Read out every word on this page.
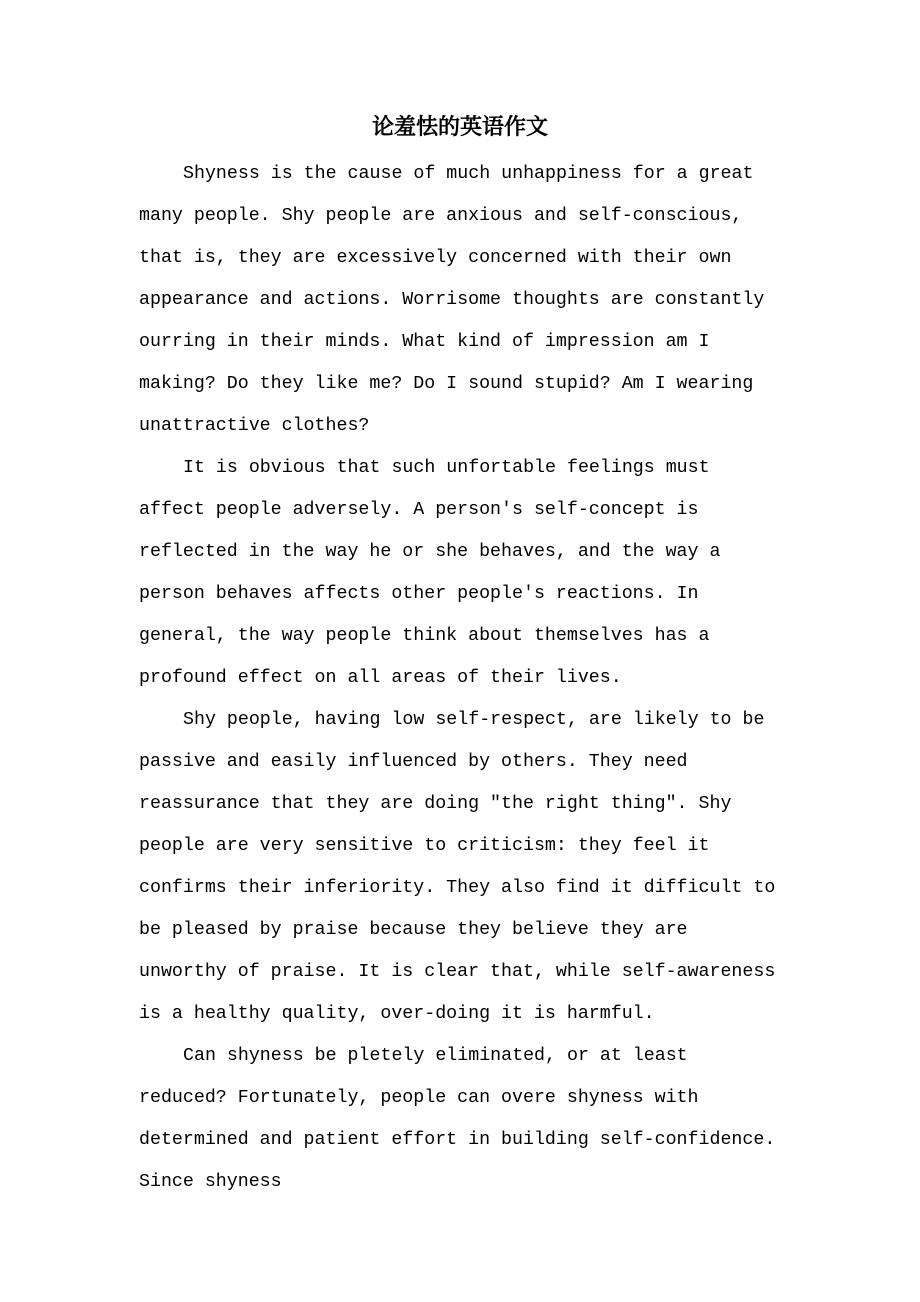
论羞怯的英语作文

Shyness is the cause of much unhappiness for a great many people. Shy people are anxious and self-conscious, that is, they are excessively concerned with their own appearance and actions. Worrisome thoughts are constantly ourring in their minds. What kind of impression am I making? Do they like me? Do I sound stupid? Am I wearing unattractive clothes?

It is obvious that such unfortable feelings must affect people adversely. A person′s self-concept is reflected in the way he or she behaves, and the way a person behaves affects other people′s reactions. In general, the way people think about themselves has a profound effect on all areas of their lives.

Shy people, having low self-respect, are likely to be passive and easily influenced by others. They need reassurance that they are doing "the right thing". Shy people are very sensitive to criticism: they feel it confirms their inferiority. They also find it difficult to be pleased by praise because they believe they are unworthy of praise. It is clear that, while self-awareness is a healthy quality, over-doing it is harmful.

Can shyness be pletely eliminated, or at least reduced? Fortunately, people can overe shyness with determined and patient effort in building self-confidence. Since shyness
